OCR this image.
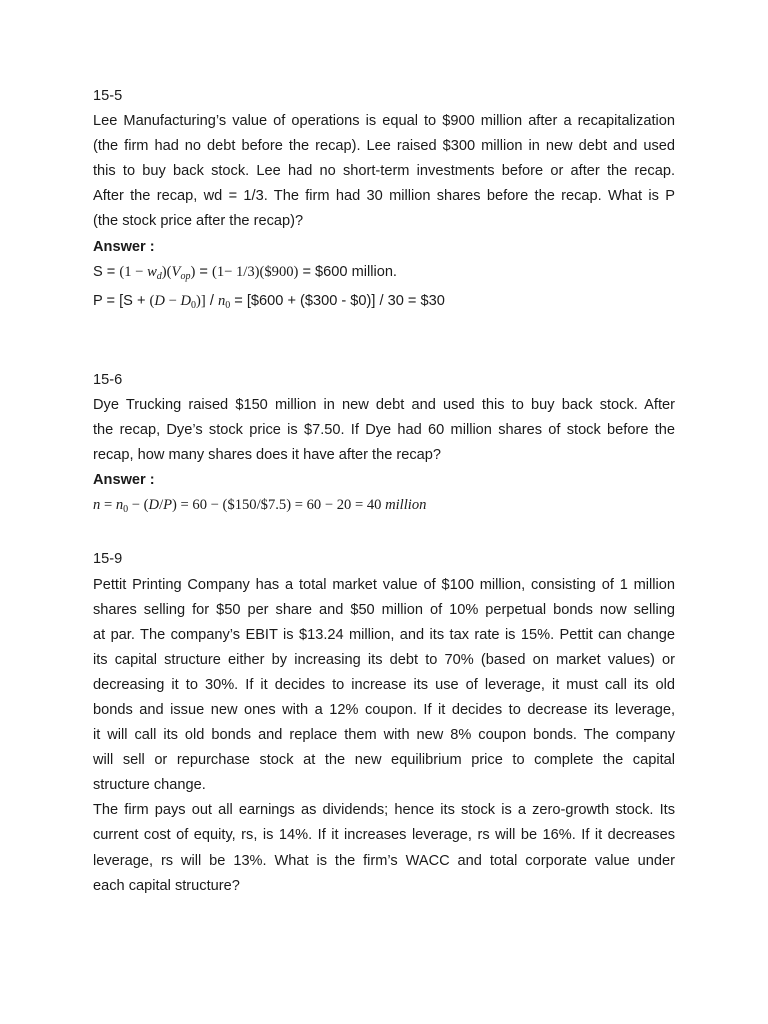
15-5
Lee Manufacturing’s value of operations is equal to $900 million after a recapitalization
(the firm had no debt before the recap). Lee raised $300 million in new debt and used
this to buy back stock. Lee had no short-term investments before or after the recap.
After the recap, wd = 1/3. The firm had 30 million shares before the recap. What is P
(the stock price after the recap)?
Answer :
$S = (1 - w_d)(V_{op}) = (1-$ 1/3)($900) = $600 million.
$P = [S + (D - D_0)] / n_0$ = [$600 + ($300 - $0)] / 30 = $30
15-6
Dye Trucking raised $150 million in new debt and used this to buy back stock. After
the recap, Dye’s stock price is $7.50. If Dye had 60 million shares of stock before the
recap, how many shares does it have after the recap?
Answer :
$n = n_0 - (D/P) = 60$ − ($150/$7.5) = 60 − 20 = 40 million
15-9
Pettit Printing Company has a total market value of $100 million, consisting of 1 million
shares selling for $50 per share and $50 million of 10% perpetual bonds now selling
at par. The company’s EBIT is $13.24 million, and its tax rate is 15%. Pettit can change
its capital structure either by increasing its debt to 70% (based on market values) or
decreasing it to 30%. If it decides to increase its use of leverage, it must call its old
bonds and issue new ones with a 12% coupon. If it decides to decrease its leverage,
it will call its old bonds and replace them with new 8% coupon bonds. The company
will sell or repurchase stock at the new equilibrium price to complete the capital
structure change.
The firm pays out all earnings as dividends; hence its stock is a zero-growth stock. Its
current cost of equity, rs, is 14%. If it increases leverage, rs will be 16%. If it decreases
leverage, rs will be 13%. What is the firm’s WACC and total corporate value under
each capital structure?
